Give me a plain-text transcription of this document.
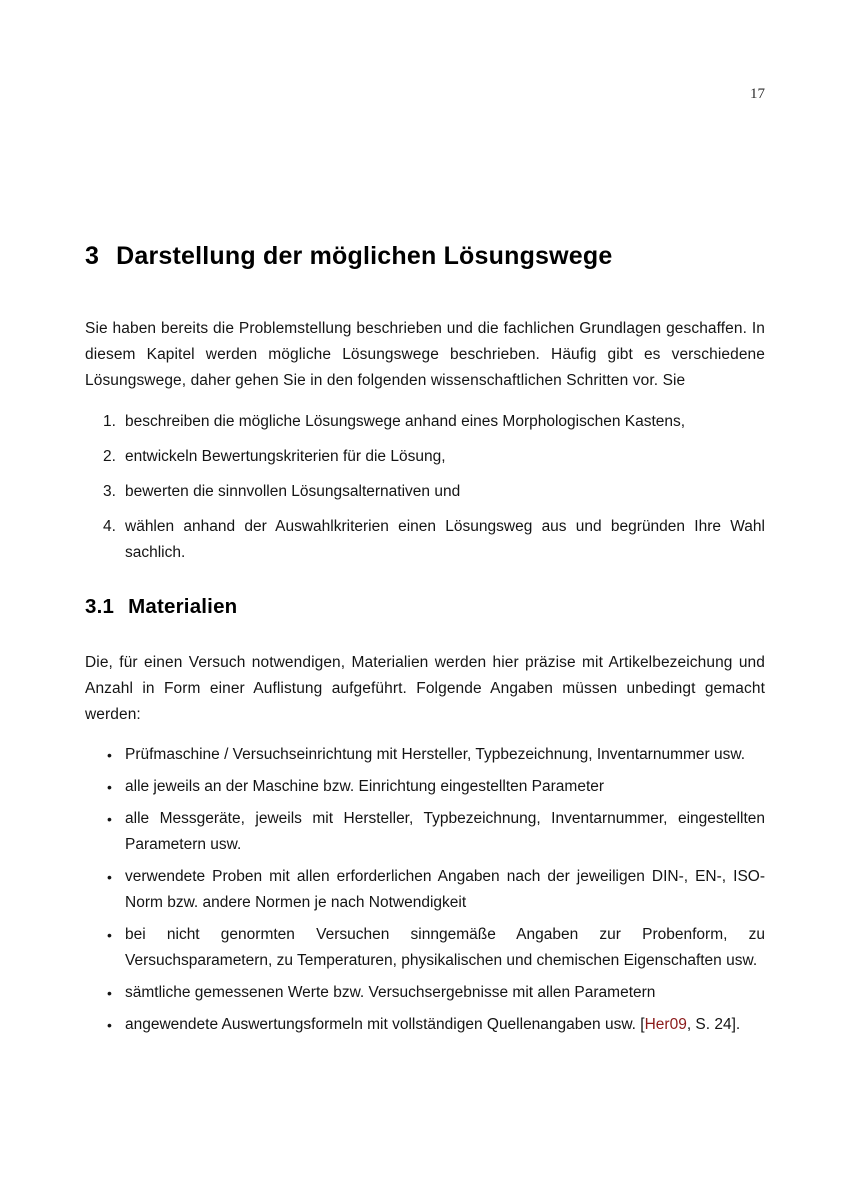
17
3 Darstellung der möglichen Lösungswege

Sie haben bereits die Problemstellung beschrieben und die fachlichen Grundlagen geschaffen. In diesem Kapitel werden mögliche Lösungswege beschrieben. Häufig gibt es verschiedene Lösungswege, daher gehen Sie in den folgenden wissenschaftlichen Schritten vor. Sie

1. beschreiben die mögliche Lösungswege anhand eines Morphologischen Kastens,
2. entwickeln Bewertungskriterien für die Lösung,
3. bewerten die sinnvollen Lösungsalternativen und
4. wählen anhand der Auswahlkriterien einen Lösungsweg aus und begründen Ihre Wahl sachlich.
3.1 Materialien

Die, für einen Versuch notwendigen, Materialien werden hier präzise mit Artikelbezeichung und Anzahl in Form einer Auflistung aufgeführt. Folgende Angaben müssen unbedingt gemacht werden:

• Prüfmaschine / Versuchseinrichtung mit Hersteller, Typbezeichnung, Inventarnummer usw.
• alle jeweils an der Maschine bzw. Einrichtung eingestellten Parameter
• alle Messgeräte, jeweils mit Hersteller, Typbezeichnung, Inventarnummer, eingestellten Parametern usw.
• verwendete Proben mit allen erforderlichen Angaben nach der jeweiligen DIN-, EN-, ISO-Norm bzw. andere Normen je nach Notwendigkeit
• bei nicht genormten Versuchen sinngemäße Angaben zur Probenform, zu Versuchsparametern, zu Temperaturen, physikalischen und chemischen Eigenschaften usw.
• sämtliche gemessenen Werte bzw. Versuchsergebnisse mit allen Parametern
• angewendete Auswertungsformeln mit vollständigen Quellenangaben usw. [Her09, S. 24].
